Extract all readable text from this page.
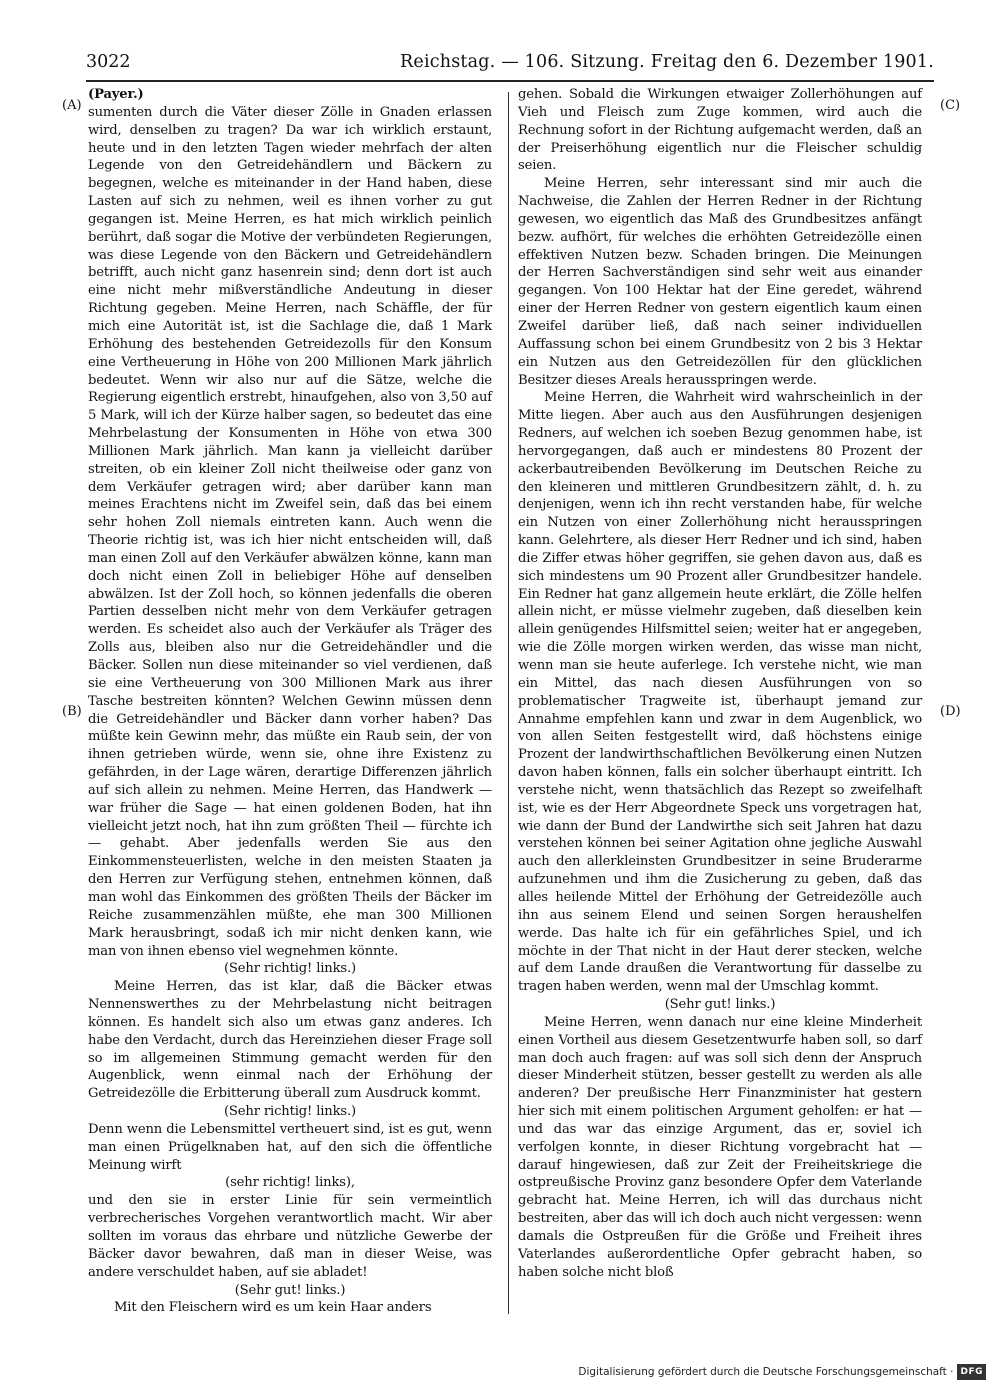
3022	Reichstag. — 106. Sitzung. Freitag den 6. Dezember 1901.
(A)
(B)
(C)
(D)

(Payer.)

sumenten durch die Väter dieser Zölle in Gnaden erlassen wird, denselben zu tragen? Da war ich wirklich erstaunt, heute und in den letzten Tagen wieder mehrfach der alten Legende von den Getreidehändlern und Bäckern zu begegnen, welche es miteinander in der Hand haben, diese Lasten auf sich zu nehmen, weil es ihnen vorher zu gut gegangen ist. Meine Herren, es hat mich wirklich peinlich berührt, daß sogar die Motive der verbündeten Regierungen, was diese Legende von den Bäckern und Getreidehändlern betrifft, auch nicht ganz hasenrein sind; denn dort ist auch eine nicht mehr mißverständliche Andeutung in dieser Richtung gegeben. Meine Herren, nach Schäffle, der für mich eine Autorität ist, ist die Sachlage die, daß 1 Mark Erhöhung des bestehenden Getreidezolls für den Konsum eine Vertheuerung in Höhe von 200 Millionen Mark jährlich bedeutet. Wenn wir also nur auf die Sätze, welche die Regierung eigentlich erstrebt, hinaufgehen, also von 3,50 auf 5 Mark, will ich der Kürze halber sagen, so bedeutet das eine Mehrbelastung der Konsumenten in Höhe von etwa 300 Millionen Mark jährlich. Man kann ja vielleicht darüber streiten, ob ein kleiner Zoll nicht theilweise oder ganz von dem Verkäufer getragen wird; aber darüber kann man meines Erachtens nicht im Zweifel sein, daß das bei einem sehr hohen Zoll niemals eintreten kann. Auch wenn die Theorie richtig ist, was ich hier nicht entscheiden will, daß man einen Zoll auf den Verkäufer abwälzen könne, kann man doch nicht einen Zoll in beliebiger Höhe auf denselben abwälzen. Ist der Zoll hoch, so können jedenfalls die oberen Partien desselben nicht mehr von dem Verkäufer getragen werden. Es scheidet also auch der Verkäufer als Träger des Zolls aus, bleiben also nur die Getreidehändler und die Bäcker. Sollen nun diese miteinander so viel verdienen, daß sie eine Vertheuerung von 300 Millionen Mark aus ihrer Tasche bestreiten könnten? Welchen Gewinn müssen denn die Getreidehändler und Bäcker dann vorher haben? Das müßte kein Gewinn mehr, das müßte ein Raub sein, der von ihnen getrieben würde, wenn sie, ohne ihre Existenz zu gefährden, in der Lage wären, derartige Differenzen jährlich auf sich allein zu nehmen. Meine Herren, das Handwerk — war früher die Sage — hat einen goldenen Boden, hat ihn vielleicht jetzt noch, hat ihn zum größten Theil — fürchte ich — gehabt. Aber jedenfalls werden Sie aus den Einkommensteuerlisten, welche in den meisten Staaten ja den Herren zur Verfügung stehen, entnehmen können, daß man wohl das Einkommen des größten Theils der Bäcker im Reiche zusammenzählen müßte, ehe man 300 Millionen Mark herausbringt, sodaß ich mir nicht denken kann, wie man von ihnen ebenso viel wegnehmen könnte.

(Sehr richtig! links.)

Meine Herren, das ist klar, daß die Bäcker etwas Nennenswerthes zu der Mehrbelastung nicht beitragen können. Es handelt sich also um etwas ganz anderes. Ich habe den Verdacht, durch das Hereinziehen dieser Frage soll so im allgemeinen Stimmung gemacht werden für den Augenblick, wenn einmal nach der Erhöhung der Getreidezölle die Erbitterung überall zum Ausdruck kommt.

(Sehr richtig! links.)

Denn wenn die Lebensmittel vertheuert sind, ist es gut, wenn man einen Prügelknaben hat, auf den sich die öffentliche Meinung wirft

(sehr richtig! links),

und den sie in erster Linie für sein vermeintlich verbrecherisches Vorgehen verantwortlich macht. Wir aber sollten im voraus das ehrbare und nützliche Gewerbe der Bäcker davor bewahren, daß man in dieser Weise, was andere verschuldet haben, auf sie abladet!

(Sehr gut! links.)

Mit den Fleischern wird es um kein Haar anders

gehen. Sobald die Wirkungen etwaiger Zollerhöhungen auf Vieh und Fleisch zum Zuge kommen, wird auch die Rechnung sofort in der Richtung aufgemacht werden, daß an der Preiserhöhung eigentlich nur die Fleischer schuldig seien.

Meine Herren, sehr interessant sind mir auch die Nachweise, die Zahlen der Herren Redner in der Richtung gewesen, wo eigentlich das Maß des Grundbesitzes anfängt bezw. aufhört, für welches die erhöhten Getreidezölle einen effektiven Nutzen bezw. Schaden bringen. Die Meinungen der Herren Sachverständigen sind sehr weit aus einander gegangen. Von 100 Hektar hat der Eine geredet, während einer der Herren Redner von gestern eigentlich kaum einen Zweifel darüber ließ, daß nach seiner individuellen Auffassung schon bei einem Grundbesitz von 2 bis 3 Hektar ein Nutzen aus den Getreidezöllen für den glücklichen Besitzer dieses Areals herausspringen werde.

Meine Herren, die Wahrheit wird wahrscheinlich in der Mitte liegen. Aber auch aus den Ausführungen desjenigen Redners, auf welchen ich soeben Bezug genommen habe, ist hervorgegangen, daß auch er mindestens 80 Prozent der ackerbautreibenden Bevölkerung im Deutschen Reiche zu den kleineren und mittleren Grundbesitzern zählt, d. h. zu denjenigen, wenn ich ihn recht verstanden habe, für welche ein Nutzen von einer Zollerhöhung nicht herausspringen kann. Gelehrtere, als dieser Herr Redner und ich sind, haben die Ziffer etwas höher gegriffen, sie gehen davon aus, daß es sich mindestens um 90 Prozent aller Grundbesitzer handele. Ein Redner hat ganz allgemein heute erklärt, die Zölle helfen allein nicht, er müsse vielmehr zugeben, daß dieselben kein allein genügendes Hilfsmittel seien; weiter hat er angegeben, wie die Zölle morgen wirken werden, das wisse man nicht, wenn man sie heute auferlege. Ich verstehe nicht, wie man ein Mittel, das nach diesen Ausführungen von so problematischer Tragweite ist, überhaupt jemand zur Annahme empfehlen kann und zwar in dem Augenblick, wo von allen Seiten festgestellt wird, daß höchstens einige Prozent der landwirthschaftlichen Bevölkerung einen Nutzen davon haben können, falls ein solcher überhaupt eintritt. Ich verstehe nicht, wenn thatsächlich das Rezept so zweifelhaft ist, wie es der Herr Abgeordnete Speck uns vorgetragen hat, wie dann der Bund der Landwirthe sich seit Jahren hat dazu verstehen können bei seiner Agitation ohne jegliche Auswahl auch den allerkleinsten Grundbesitzer in seine Bruderarme aufzunehmen und ihm die Zusicherung zu geben, daß das alles heilende Mittel der Erhöhung der Getreidezölle auch ihn aus seinem Elend und seinen Sorgen heraushelfen werde. Das halte ich für ein gefährliches Spiel, und ich möchte in der That nicht in der Haut derer stecken, welche auf dem Lande draußen die Verantwortung für dasselbe zu tragen haben werden, wenn mal der Umschlag kommt.

(Sehr gut! links.)

Meine Herren, wenn danach nur eine kleine Minderheit einen Vortheil aus diesem Gesetzentwurfe haben soll, so darf man doch auch fragen: auf was soll sich denn der Anspruch dieser Minderheit stützen, besser gestellt zu werden als alle anderen? Der preußische Herr Finanzminister hat gestern hier sich mit einem politischen Argument geholfen: er hat — und das war das einzige Argument, das er, soviel ich verfolgen konnte, in dieser Richtung vorgebracht hat — darauf hingewiesen, daß zur Zeit der Freiheitskriege die ostpreußische Provinz ganz besondere Opfer dem Vaterlande gebracht hat. Meine Herren, ich will das durchaus nicht bestreiten, aber das will ich doch auch nicht vergessen: wenn damals die Ostpreußen für die Größe und Freiheit ihres Vaterlandes außerordentliche Opfer gebracht haben, so haben solche nicht bloß

Digitalisierung gefördert durch die Deutsche Forschungsgemeinschaft · DFG
